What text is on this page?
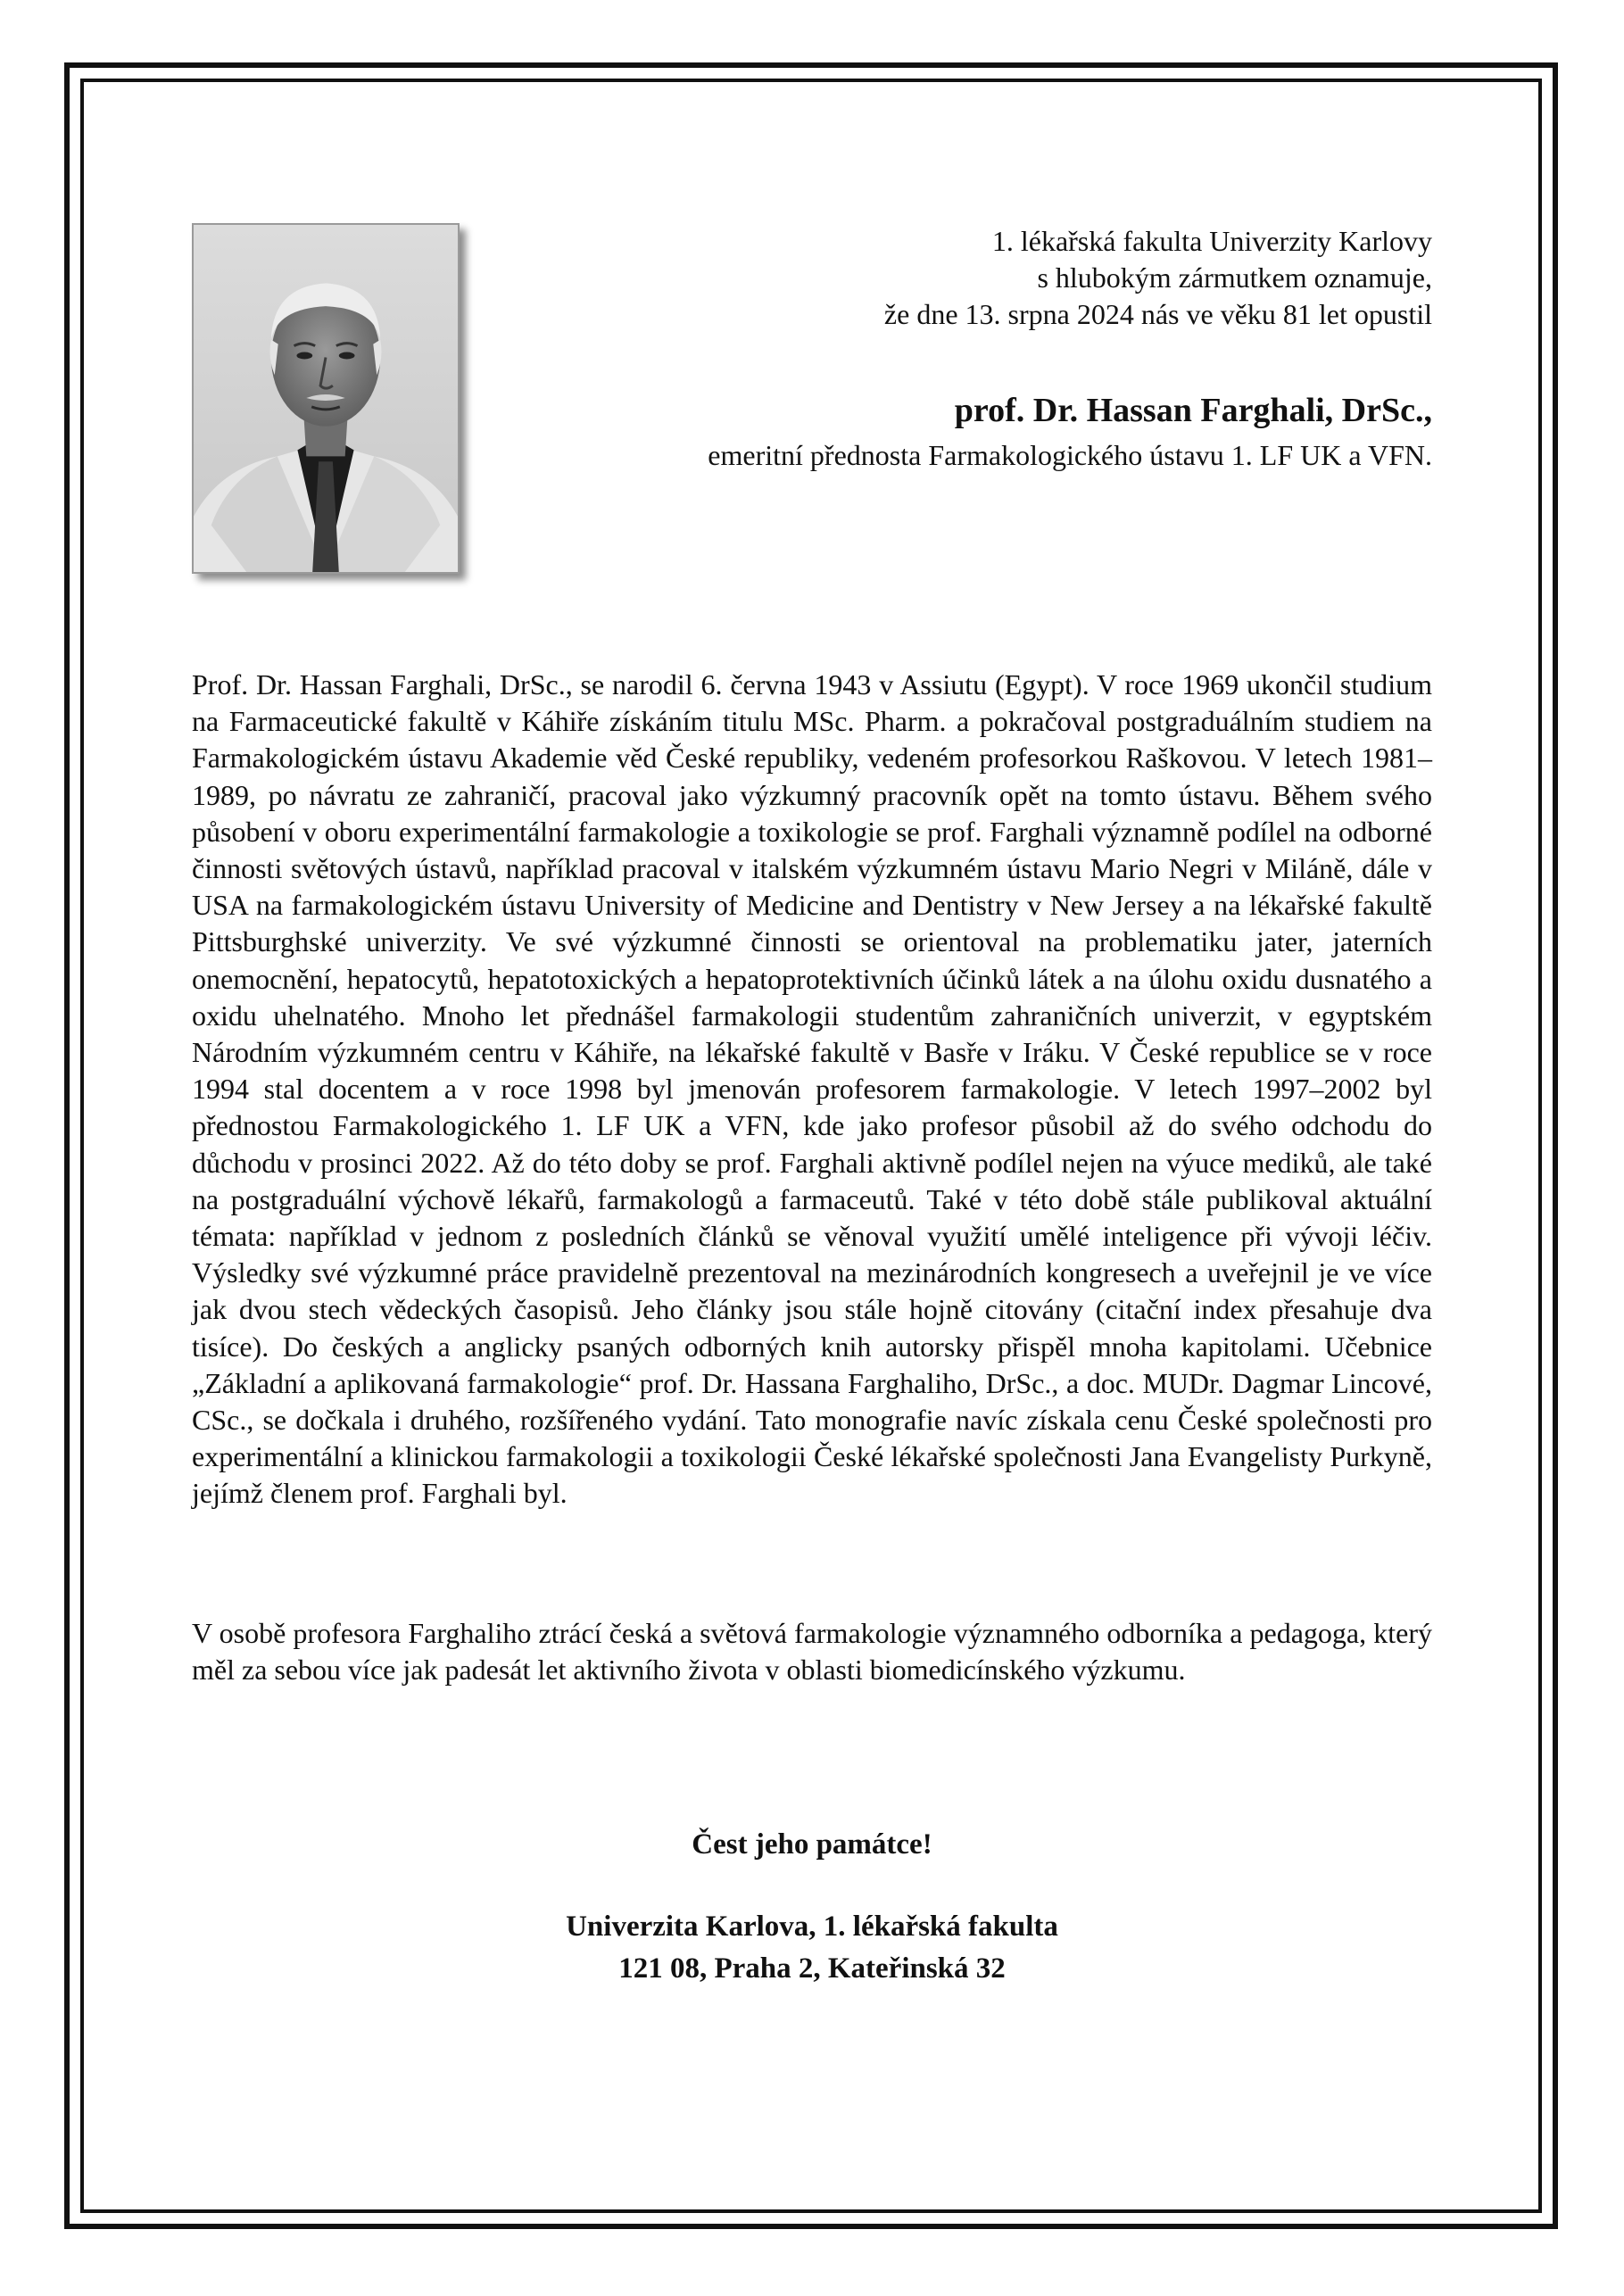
1. lékařská fakulta Univerzity Karlovy
s hlubokým zármutkem oznamuje,
že dne 13. srpna 2024 nás ve věku 81 let opustil
prof. Dr. Hassan Farghali, DrSc.,
emeritní přednosta Farmakologického ústavu 1. LF UK a VFN.

Prof. Dr. Hassan Farghali, DrSc., se narodil 6. června 1943 v Assiutu (Egypt). V roce 1969 ukončil studium na Farmaceutické fakultě v Káhiře získáním titulu MSc. Pharm. a pokračoval postgraduálním studiem na Farmakologickém ústavu Akademie věd České republiky, vedeném profesorkou Raškovou. V letech 1981–1989, po návratu ze zahraničí, pracoval jako výzkumný pracovník opět na tomto ústavu. Během svého působení v oboru experimentální farmakologie a toxikologie se prof. Farghali významně podílel na odborné činnosti světových ústavů, například pracoval v italském výzkumném ústavu Mario Negri v Miláně, dále v USA na farmakologickém ústavu University of Medicine and Dentistry v New Jersey a na lékařské fakultě Pittsburghské univerzity. Ve své výzkumné činnosti se orientoval na problematiku jater, jaterních onemocnění, hepatocytů, hepatotoxických a hepatoprotektivních účinků látek a na úlohu oxidu dusnatého a oxidu uhelnatého. Mnoho let přednášel farmakologii studentům zahraničních univerzit, v egyptském Národním výzkumném centru v Káhiře, na lékařské fakultě v Basře v Iráku. V České republice se v roce 1994 stal docentem a v roce 1998 byl jmenován profesorem farmakologie. V letech 1997–2002 byl přednostou Farmakologického 1. LF UK a VFN, kde jako profesor působil až do svého odchodu do důchodu v prosinci 2022. Až do této doby se prof. Farghali aktivně podílel nejen na výuce mediků, ale také na postgraduální výchově lékařů, farmakologů a farmaceutů. Také v této době stále publikoval aktuální témata: například v jednom z posledních článků se věnoval využití umělé inteligence při vývoji léčiv. Výsledky své výzkumné práce pravidelně prezentoval na mezinárodních kongresech a uveřejnil je ve více jak dvou stech vědeckých časopisů. Jeho články jsou stále hojně citovány (citační index přesahuje dva tisíce). Do českých a anglicky psaných odborných knih autorsky přispěl mnoha kapitolami. Učebnice „Základní a aplikovaná farmakologie“ prof. Dr. Hassana Farghaliho, DrSc., a doc. MUDr. Dagmar Lincové, CSc., se dočkala i druhého, rozšířeného vydání. Tato monografie navíc získala cenu České společnosti pro experimentální a klinickou farmakologii a toxikologii České lékařské společnosti Jana Evangelisty Purkyně, jejímž členem prof. Farghali byl.

V osobě profesora Farghaliho ztrácí česká a světová farmakologie významného odborníka a pedagoga, který měl za sebou více jak padesát let aktivního života v oblasti biomedicínského výzkumu.

Čest jeho památce!
Univerzita Karlova, 1. lékařská fakulta
121 08, Praha 2, Kateřinská 32
